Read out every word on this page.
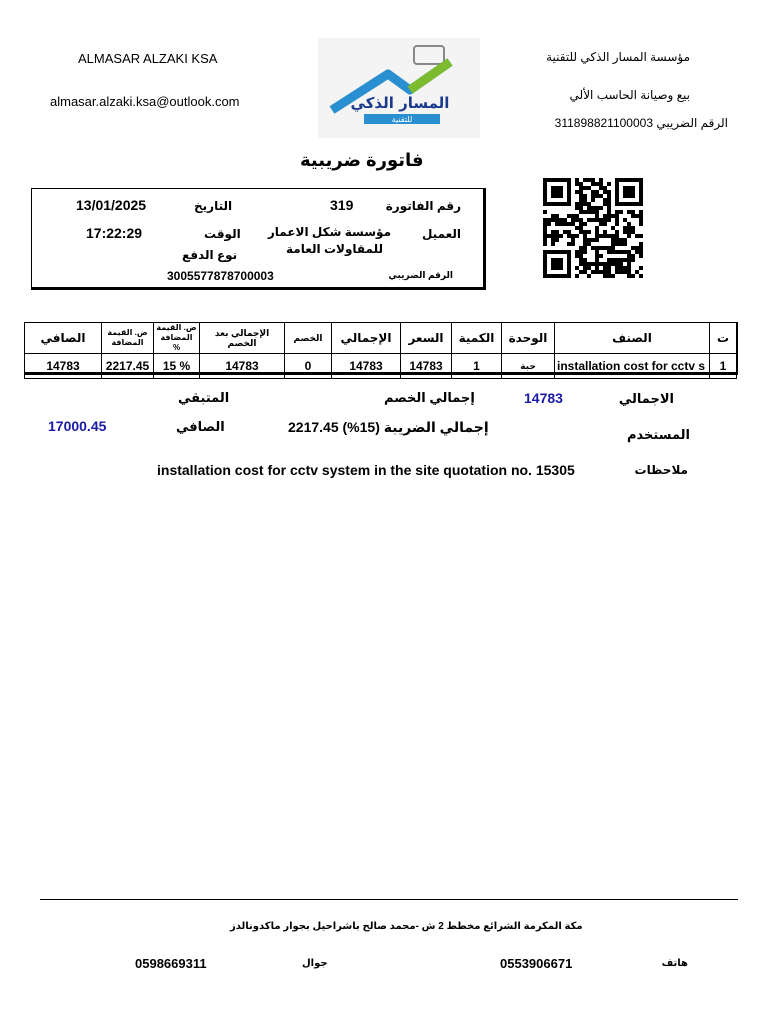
ALMASAR ALZAKI KSA
almasar.alzaki.ksa@outlook.com	المسار الذكي
للتقنية
مؤسسة المسار الذكي للتقنية
بيع وصيانة الحاسب الألي
الرقم الضريبي 311898821100003
فاتورة ضريبية
رقم الفاتورة
319
التاريخ
13/01/2025
العميل
مؤسسة شكل الاعمار
للمقاولات العامة
الوقت
17:22:29
نوع الدفع
الرقم الضريبي
3005577878700003
الصافي	ض. القيمة المضافة	ض. القيمة المضافة %	الإجمالي بعد الخصم	الخصم	الإجمالي	السعر	الكمية	الوحدة	الصنف	ت
14783	2217.45	15 %	14783	0	14783	14783	1	حبة	installation cost for cctv s	1
الاجمالي
14783
إجمالي الخصم
المتبقي
المستخدم
2217.45 إجمالي الضريبة (15%)
الصافي
17000.45
ملاحظات
installation cost for cctv system in the site quotation no. 15305
مكة المكرمة الشرائع مخطط 2 ش -محمد صالح باشراحيل بجوار ماكدونالدز
هاتف
0553906671
جوال
0598669311
